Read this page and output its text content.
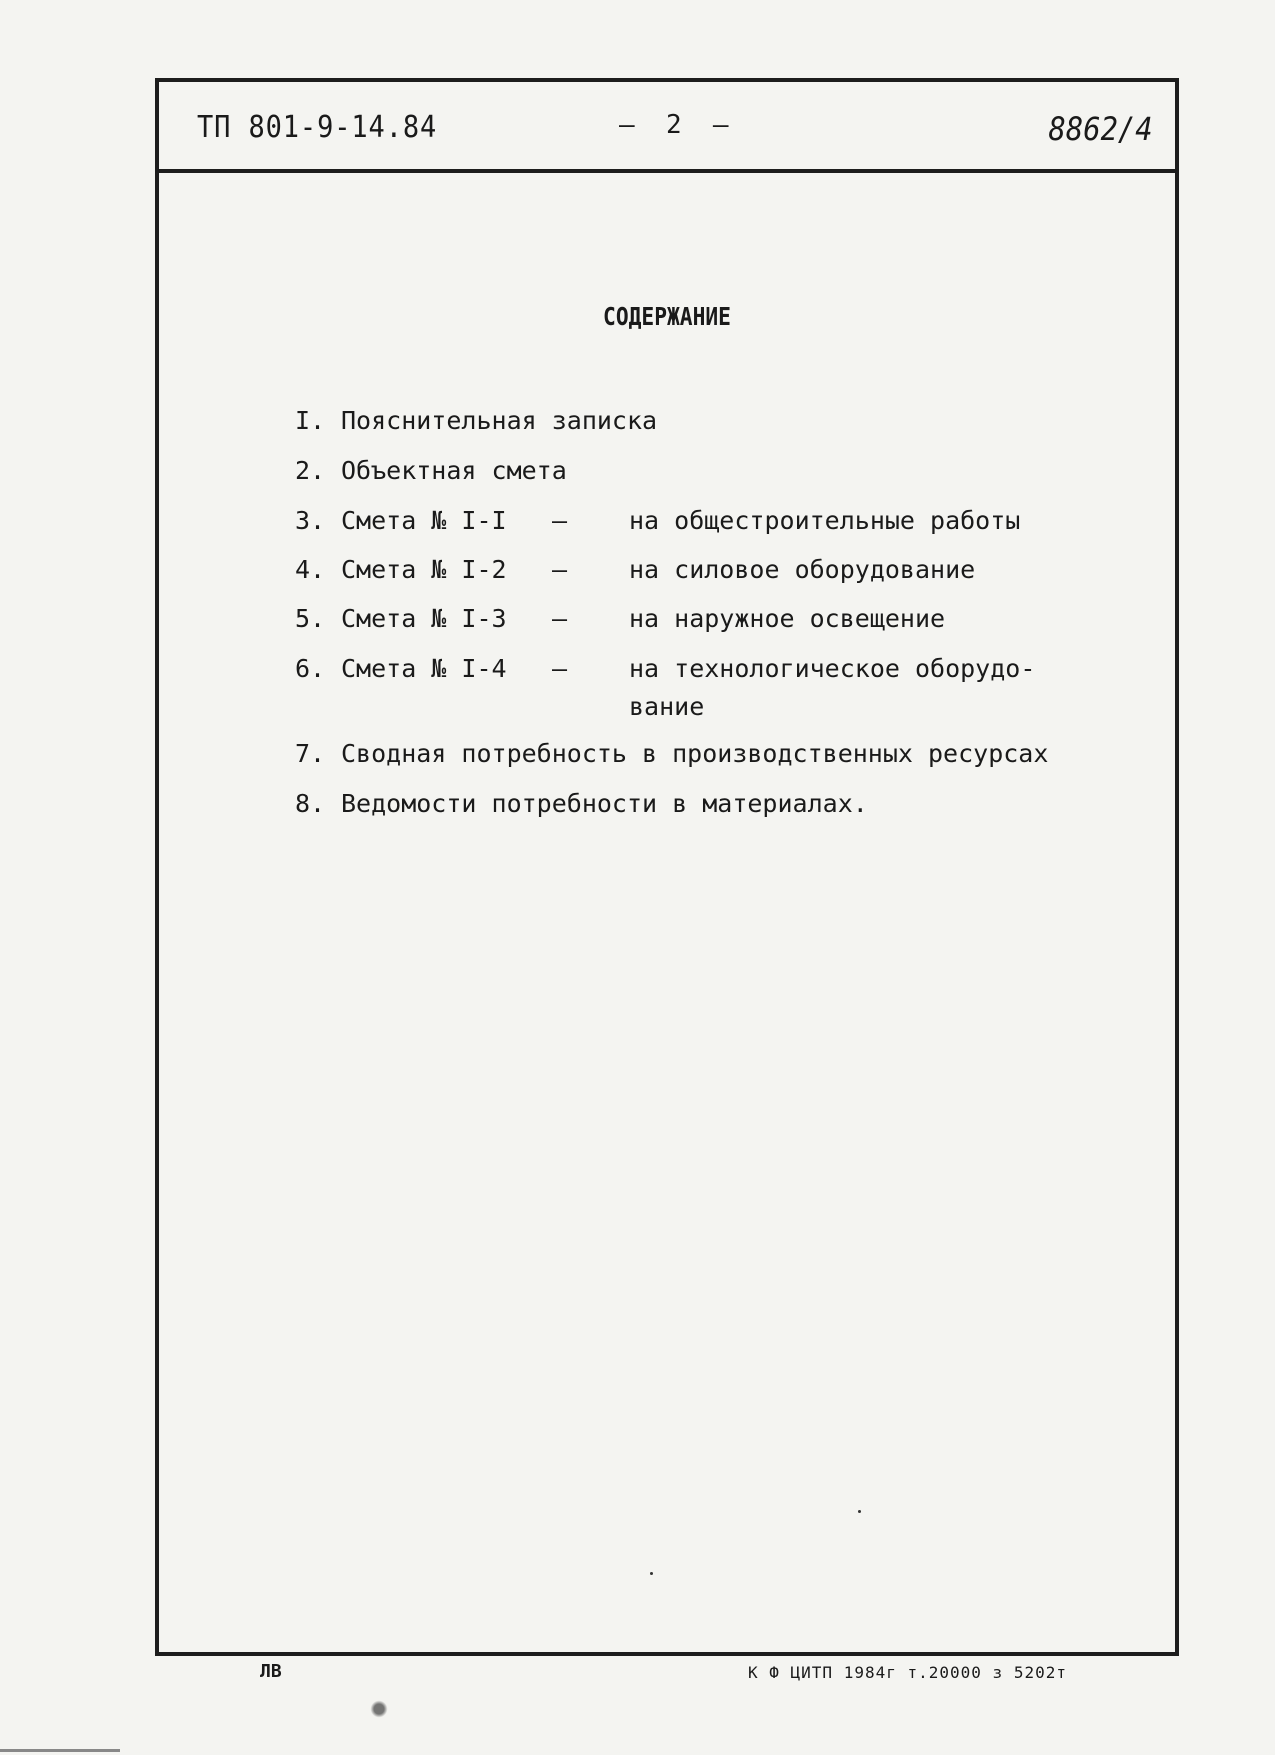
ТП 801-9-14.84	–  2  –	8862/4
СОДЕРЖАНИЕ
I. Пояснительная записка
2. Объектная смета
3. Смета № I-I – на общестроительные работы
4. Смета № I-2 – на силовое оборудование
5. Смета № I-3 – на наружное освещение
6. Смета № I-4 – на технологическое оборудо-
вание
7. Сводная потребность в производственных ресурсах
8. Ведомости потребности в материалах.
ЛВ	К Ф ЦИТП 1984г т.20000 з 5202т
